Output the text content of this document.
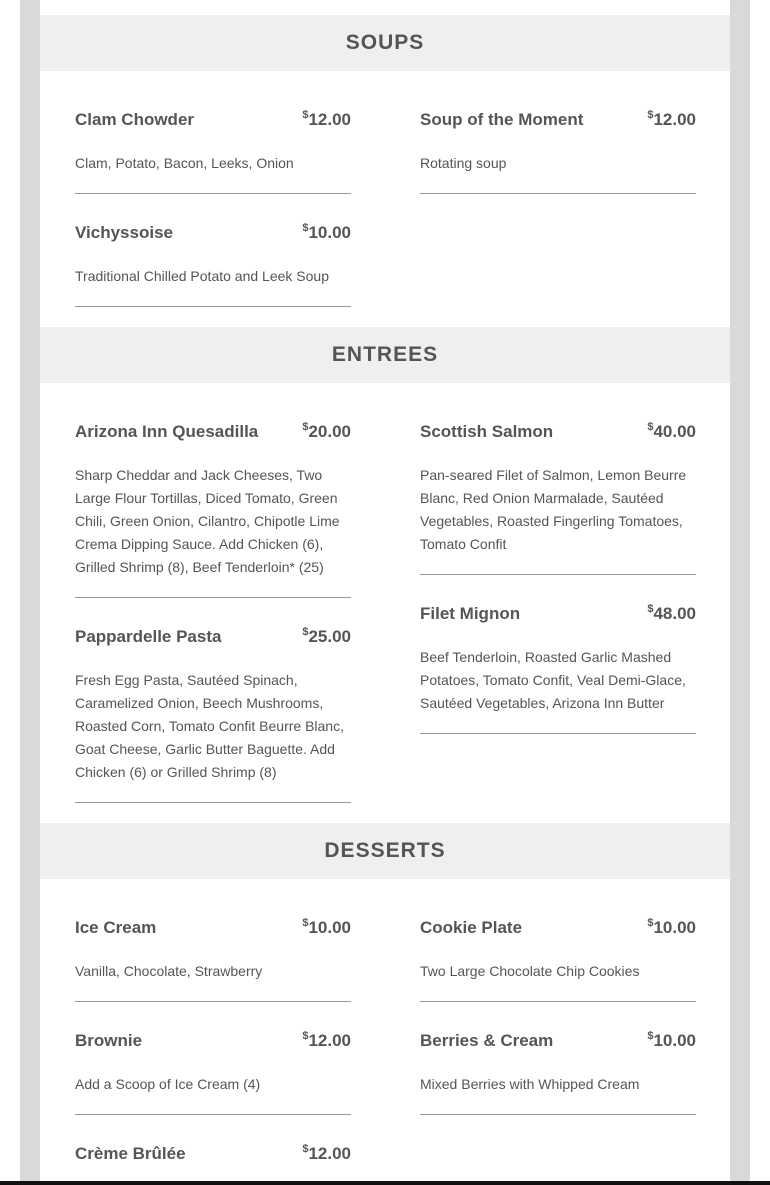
SOUPS
Clam Chowder	$12.00
Clam, Potato, Bacon, Leeks, Onion
Soup of the Moment	$12.00
Rotating soup
Vichyssoise	$10.00
Traditional Chilled Potato and Leek Soup
ENTREES
Arizona Inn Quesadilla	$20.00
Sharp Cheddar and Jack Cheeses, Two Large Flour Tortillas, Diced Tomato, Green Chili, Green Onion, Cilantro, Chipotle Lime Crema Dipping Sauce. Add Chicken (6), Grilled Shrimp (8), Beef Tenderloin* (25)
Scottish Salmon	$40.00
Pan-seared Filet of Salmon, Lemon Beurre Blanc, Red Onion Marmalade, Sautéed Vegetables, Roasted Fingerling Tomatoes, Tomato Confit
Pappardelle Pasta	$25.00
Fresh Egg Pasta, Sautéed Spinach, Caramelized Onion, Beech Mushrooms, Roasted Corn, Tomato Confit Beurre Blanc, Goat Cheese, Garlic Butter Baguette. Add Chicken (6) or Grilled Shrimp (8)
Filet Mignon	$48.00
Beef Tenderloin, Roasted Garlic Mashed Potatoes, Tomato Confit, Veal Demi-Glace, Sautéed Vegetables, Arizona Inn Butter
DESSERTS
Ice Cream	$10.00
Vanilla, Chocolate, Strawberry
Cookie Plate	$10.00
Two Large Chocolate Chip Cookies
Brownie	$12.00
Add a Scoop of Ice Cream (4)
Berries & Cream	$10.00
Mixed Berries with Whipped Cream
Crème Brûlée	$12.00
